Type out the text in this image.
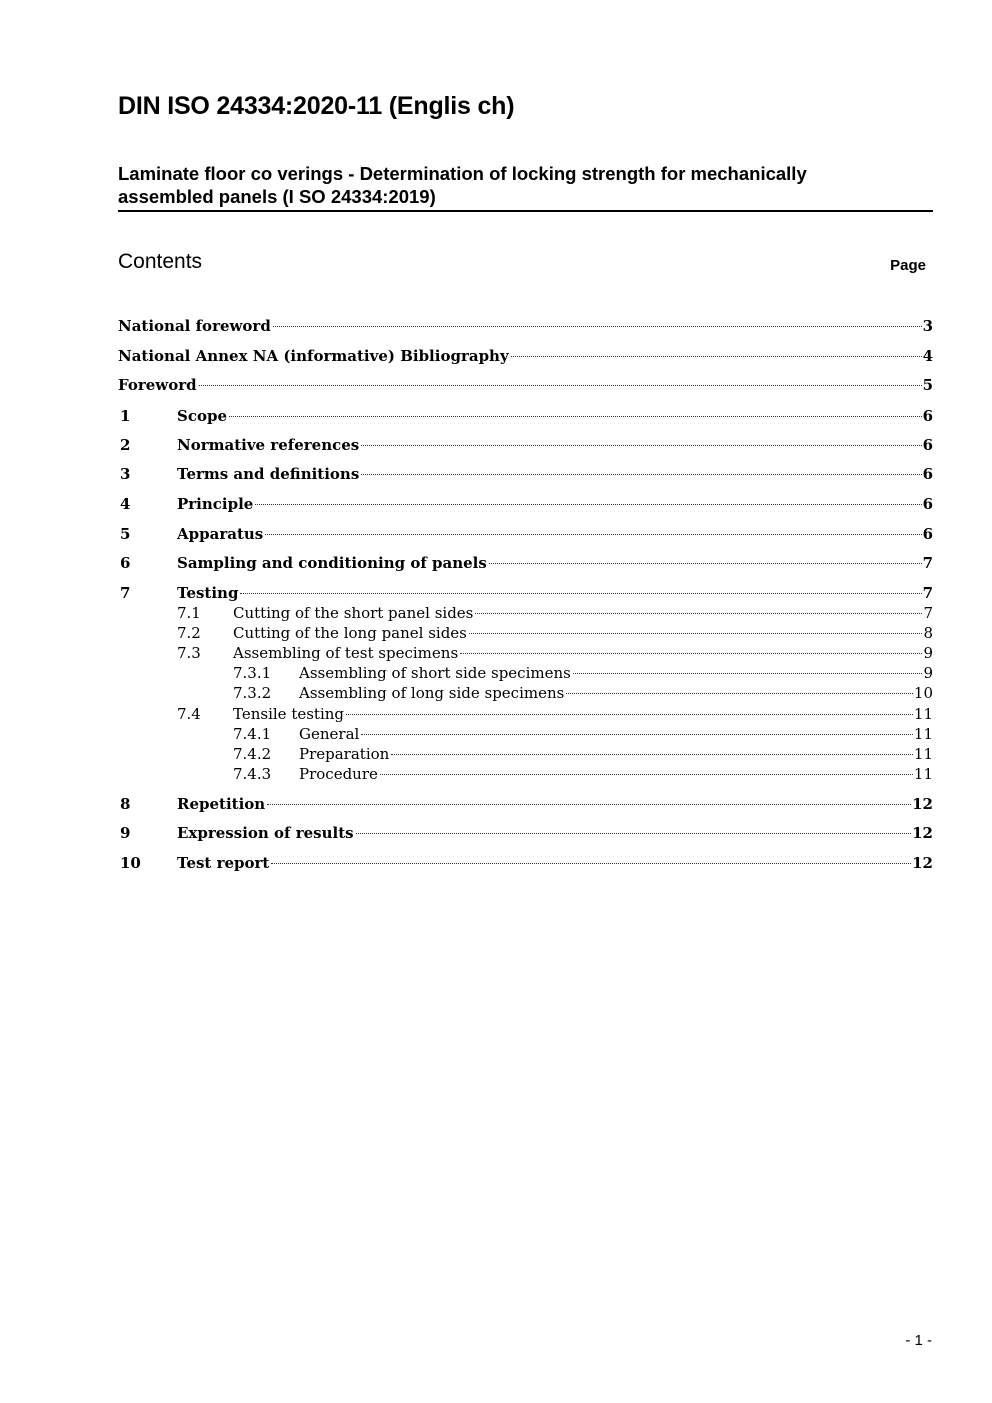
DIN ISO 24334:2020-11 (Englis ch)
Laminate floor co verings - Determination of locking strength for mechanically
assembled panels (I SO 24334:2019)
Contents	Page
National foreword	3
National Annex NA (informative) Bibliography	4
Foreword	5
1	Scope	6
2	Normative references	6
3	Terms and definitions	6
4	Principle	6
5	Apparatus	6
6	Sampling and conditioning of panels	7
7	Testing	7
7.1 Cutting of the short panel sides	7
7.2 Cutting of the long panel sides	8
7.3 Assembling of test specimens	9
7.3.1 Assembling of short side specimens	9
7.3.2 Assembling of long side specimens	10
7.4 Tensile testing	11
7.4.1 General	11
7.4.2 Preparation	11
7.4.3 Procedure	11
8	Repetition	12
9	Expression of results	12
10 Test report	12
- 1 -
